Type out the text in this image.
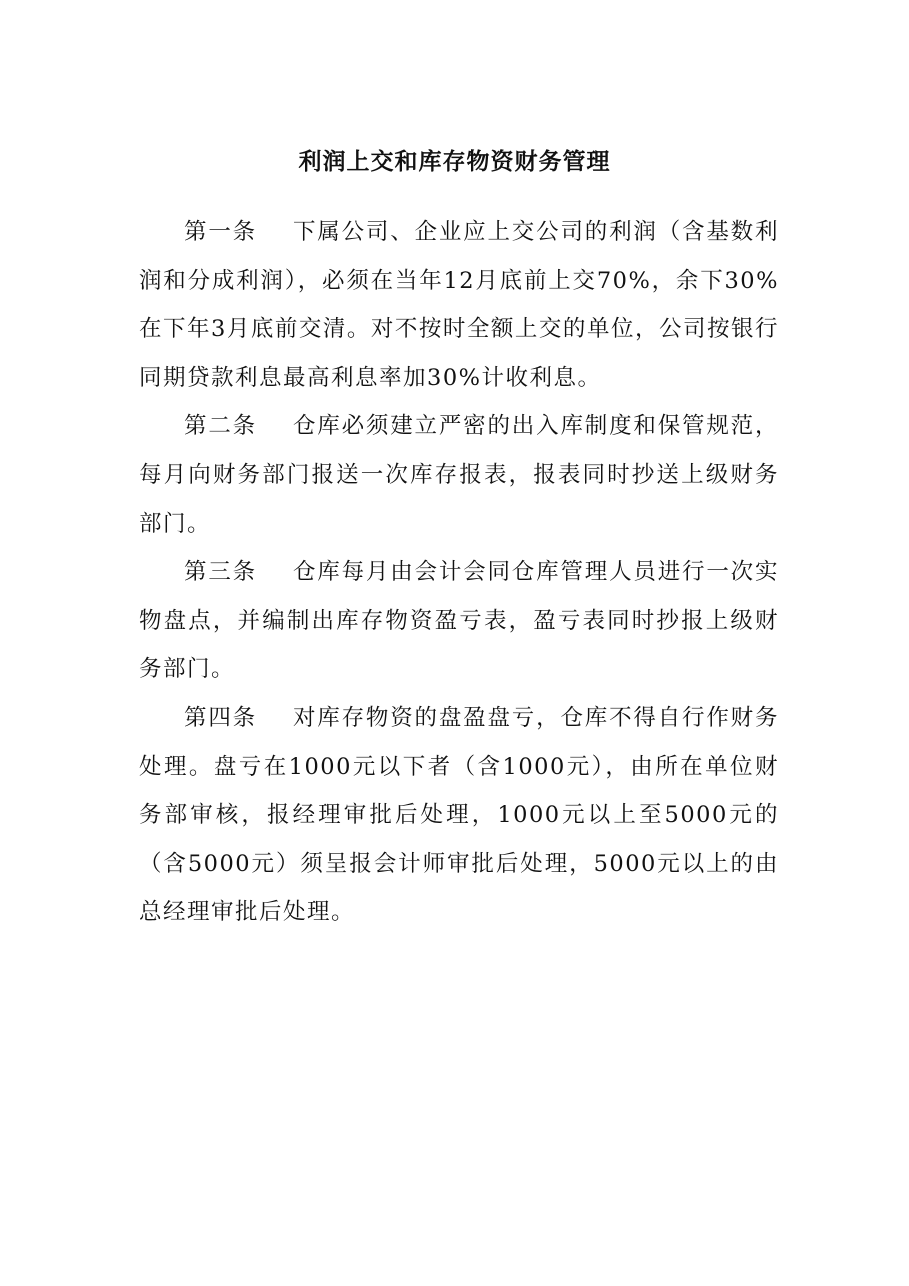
利润上交和库存物资财务管理

第一条 下属公司、企业应上交公司的利润（含基数利润和分成利润），必须在当年12月底前上交70%，余下30%在下年3月底前交清。对不按时全额上交的单位，公司按银行同期贷款利息最高利息率加30%计收利息。

第二条 仓库必须建立严密的出入库制度和保管规范，每月向财务部门报送一次库存报表，报表同时抄送上级财务部门。

第三条 仓库每月由会计会同仓库管理人员进行一次实物盘点，并编制出库存物资盈亏表，盈亏表同时抄报上级财务部门。

第四条 对库存物资的盘盈盘亏，仓库不得自行作财务处理。盘亏在1000元以下者（含1000元），由所在单位财务部审核，报经理审批后处理，1000元以上至5000元的（含5000元）须呈报会计师审批后处理，5000元以上的由总经理审批后处理。
